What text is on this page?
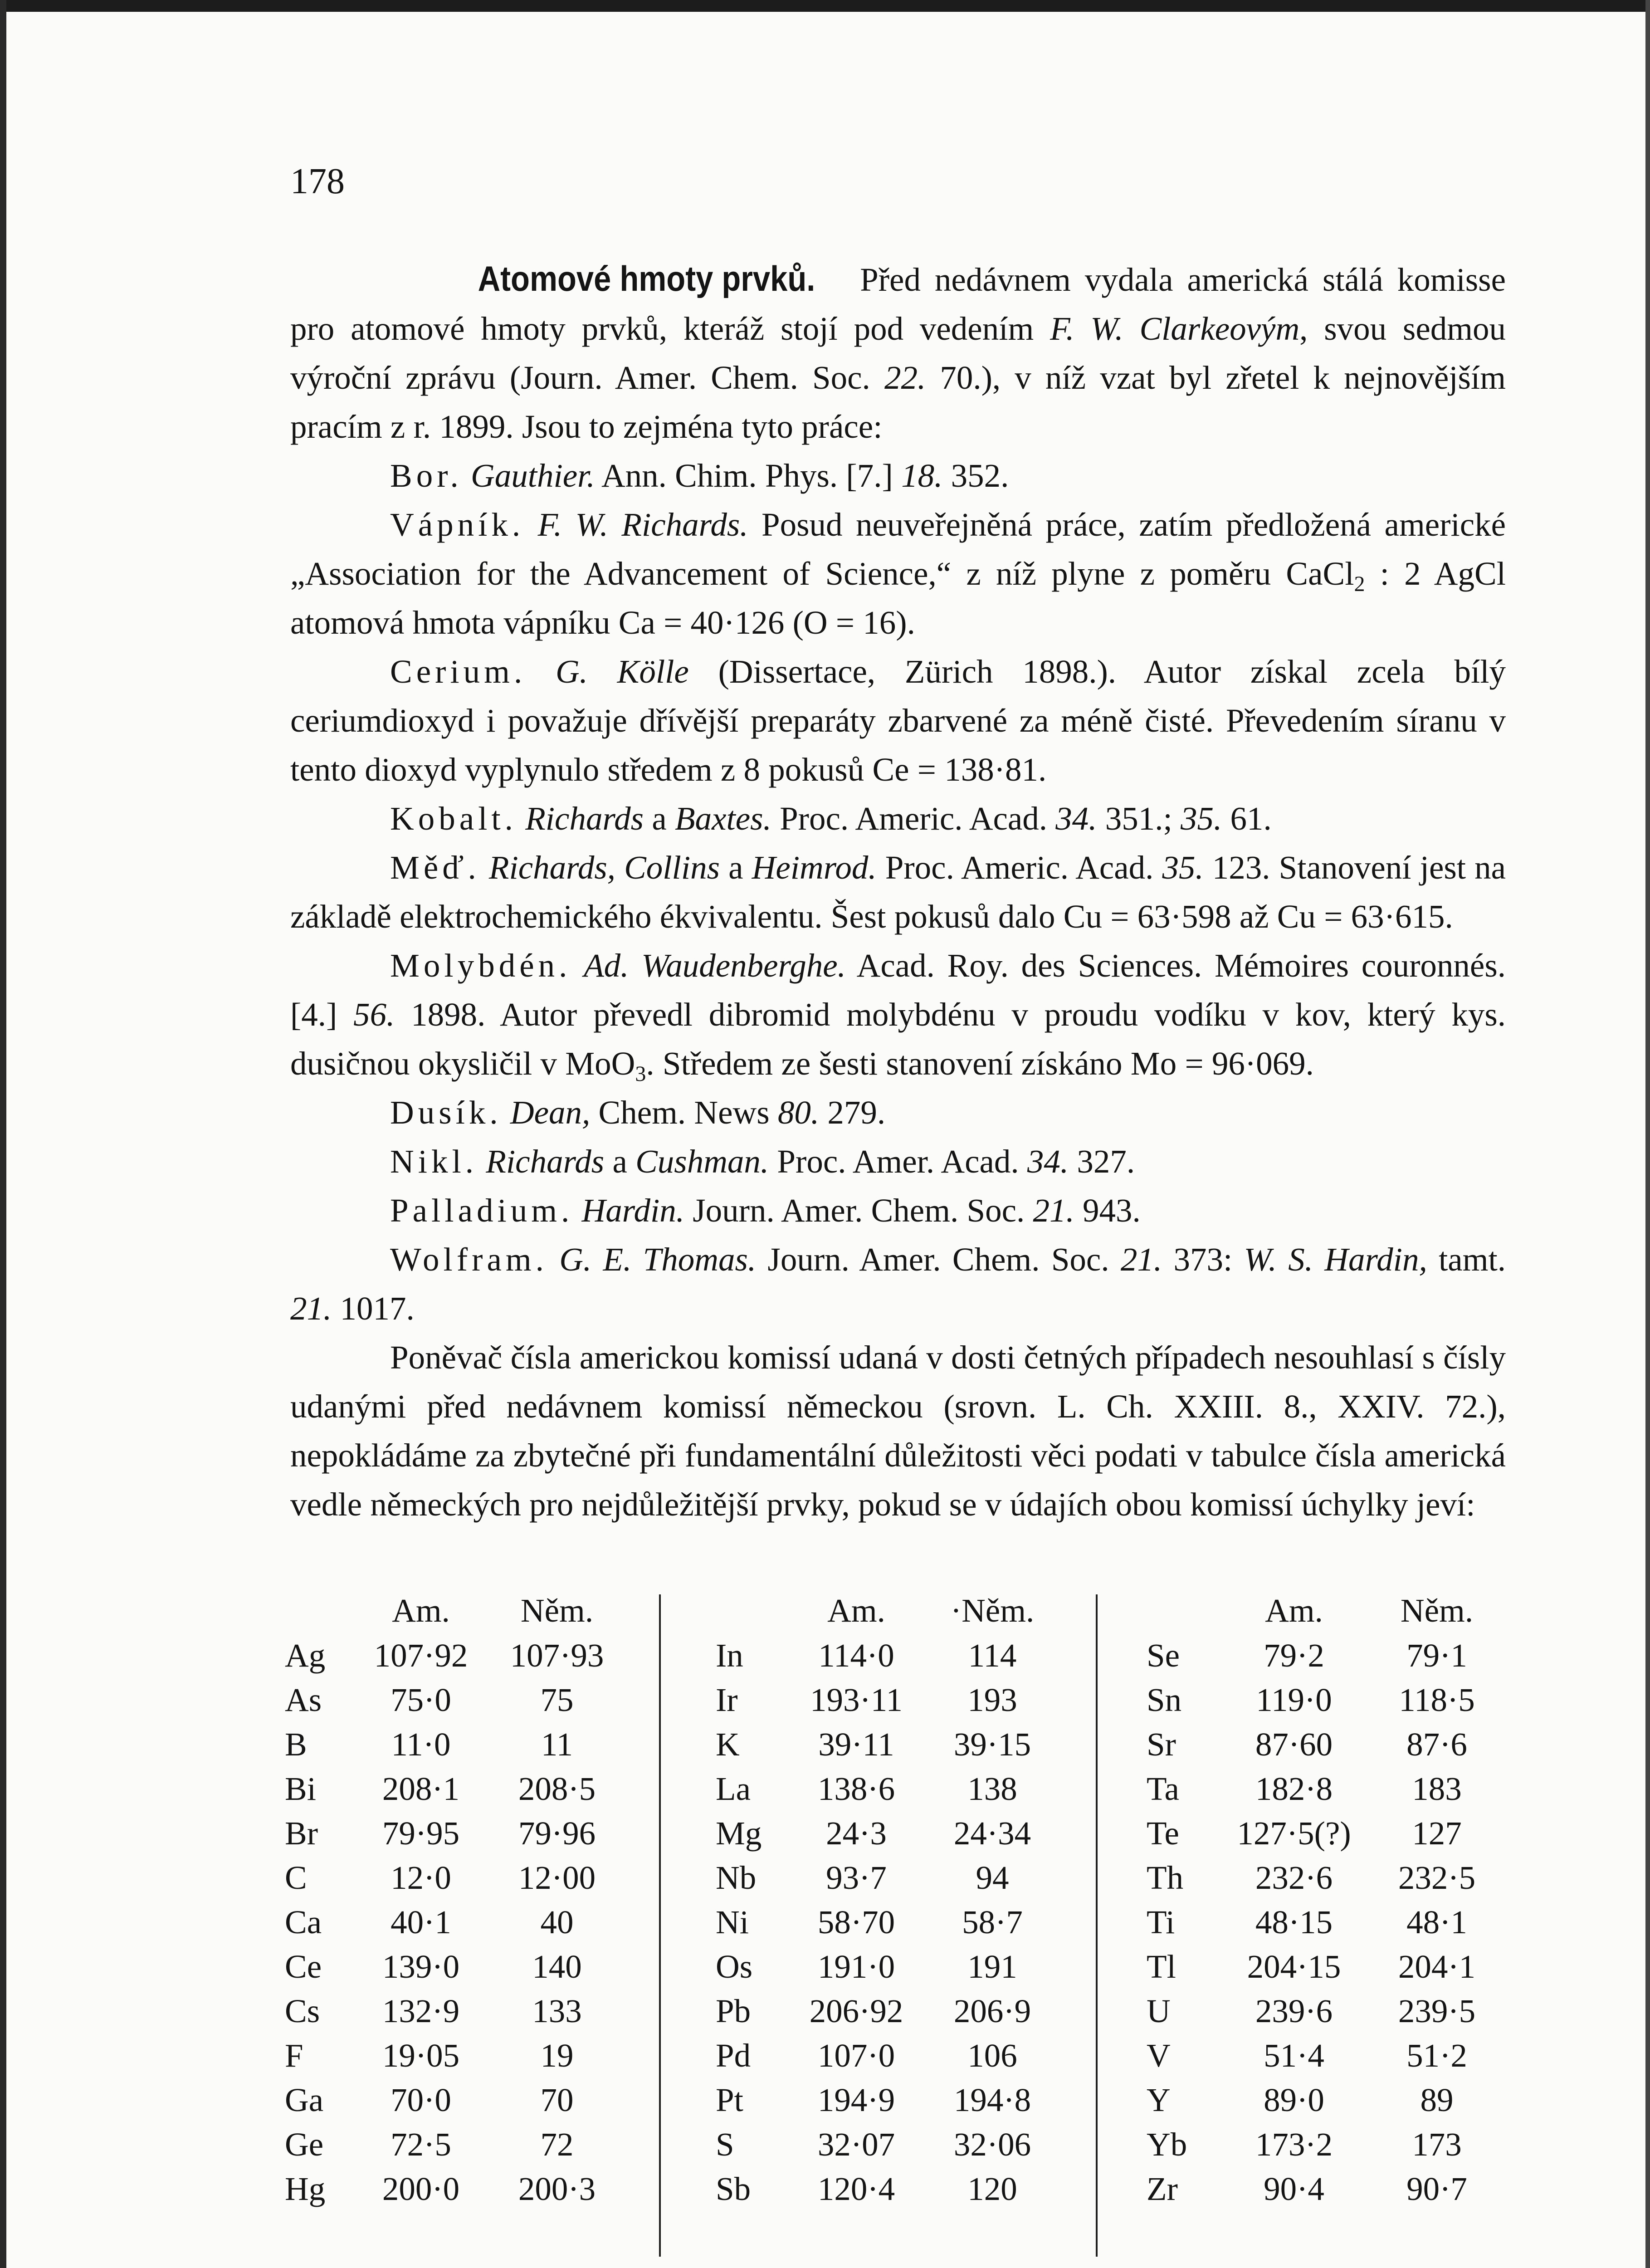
178

Atomové hmoty prvků. Před nedávnem vydala americká stálá komisse pro atomové hmoty prvků, kteráž stojí pod vedením F. W. Clarkeovým, svou sedmou výroční zprávu (Journ. Amer. Chem. Soc. 22. 70.), v níž vzat byl zřetel k nejnovějším pracím z r. 1899. Jsou to zejména tyto práce:

Bor. Gauthier. Ann. Chim. Phys. [7.] 18. 352.

Vápník. F. W. Richards. Posud neuveřejněná práce, zatím předložená americké „Association for the Advancement of Science,“ z níž plyne z poměru CaCl$_2$ : 2 AgCl atomová hmota vápníku Ca = 40·126 (O = 16).

Cerium. G. Kölle (Dissertace, Zürich 1898.). Autor získal zcela bílý ceriumdioxyd i považuje dřívější preparáty zbarvené za méně čisté. Převedením síranu v tento dioxyd vyplynulo středem z 8 pokusů Ce = 138·81.

Kobalt. Richards a Baxtes. Proc. Americ. Acad. 34. 351.; 35. 61.

Měď. Richards, Collins a Heimrod. Proc. Americ. Acad. 35. 123. Stanovení jest na základě elektrochemického ékvivalentu. Šest pokusů dalo Cu = 63·598 až Cu = 63·615.

Molybdén. Ad. Waudenberghe. Acad. Roy. des Sciences. Mémoires couronnés. [4.] 56. 1898. Autor převedl dibromid molybdénu v proudu vodíku v kov, který kys. dusičnou okysličil v MoO$_3$. Středem ze šesti stanovení získáno Mo = 96·069.

Dusík. Dean, Chem. News 80. 279.

Nikl. Richards a Cushman. Proc. Amer. Acad. 34. 327.

Palladium. Hardin. Journ. Amer. Chem. Soc. 21. 943.

Wolfram. G. E. Thomas. Journ. Amer. Chem. Soc. 21. 373: W. S. Hardin, tamt. 21. 1017.

Poněvač čísla americkou komissí udaná v dosti četných případech nesouhlasí s čísly udanými před nedávnem komissí německou (srovn. L. Ch. XXIII. 8., XXIV. 72.), nepokládáme za zbytečné při fundamentální důležitosti věci podati v tabulce čísla americká vedle německých pro nejdůležitější prvky, pokud se v údajích obou komissí úchylky jeví:

	Am.	Něm.
Ag	107·92	107·93
As	75·0	75
B	11·0	11
Bi	208·1	208·5
Br	79·95	79·96
C	12·0	12·00
Ca	40·1	40
Ce	139·0	140
Cs	132·9	133
F	19·05	19
Ga	70·0	70
Ge	72·5	72
Hg	200·0	200·3
	Am.	·Něm.
In	114·0	114
Ir	193·11	193
K	39·11	39·15
La	138·6	138
Mg	24·3	24·34
Nb	93·7	94
Ni	58·70	58·7
Os	191·0	191
Pb	206·92	206·9
Pd	107·0	106
Pt	194·9	194·8
S	32·07	32·06
Sb	120·4	120
	Am.	Něm.
Se	79·2	79·1
Sn	119·0	118·5
Sr	87·60	87·6
Ta	182·8	183
Te	127·5(?)	127
Th	232·6	232·5
Ti	48·15	48·1
Tl	204·15	204·1
U	239·6	239·5
V	51·4	51·2
Y	89·0	89
Yb	173·2	173
Zr	90·4	90·7
